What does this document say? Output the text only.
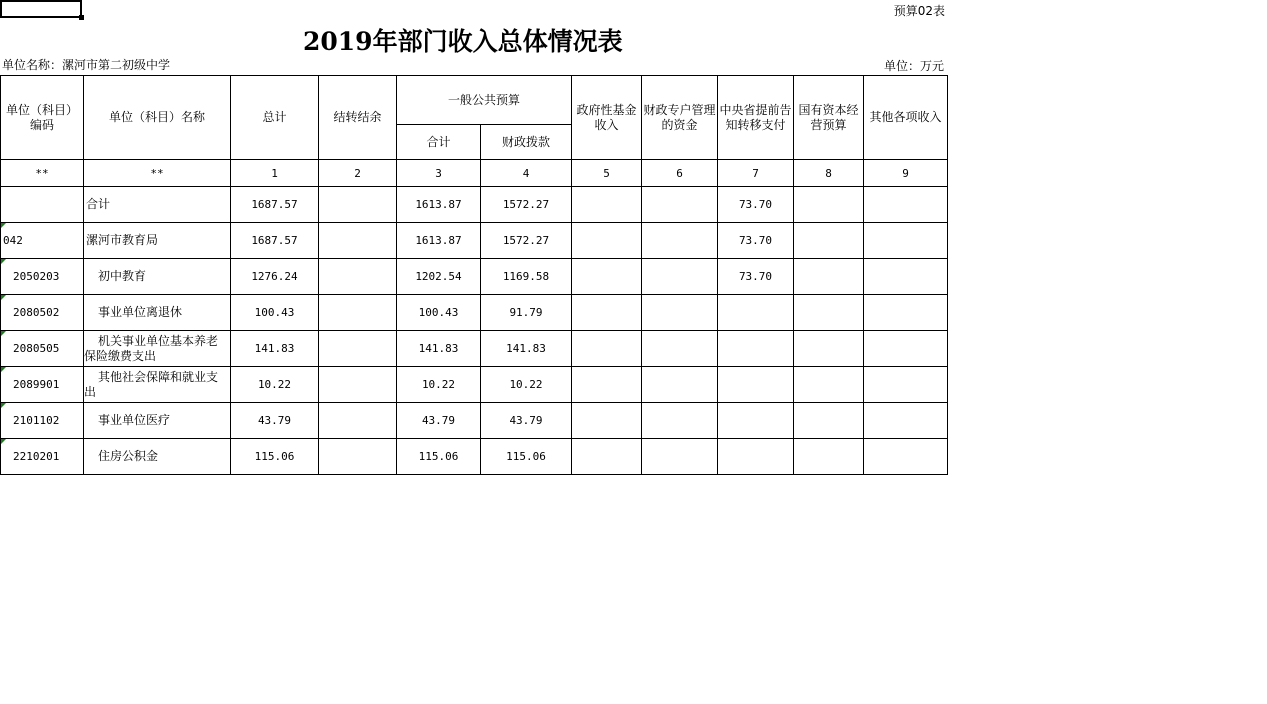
预算02表
2019年部门收入总体情况表
单位名称：漯河市第二初级中学	单位：万元
单位（科目）编码	单位（科目）名称	总计	结转结余	一般公共预算		政府性基金收入	财政专户管理的资金	中央省提前告知转移支付	国有资本经营预算	其他各项收入
				合计	财政拨款					
**	**	1	2	3	4	5	6	7	8	9
	合计	1687.57		1613.87	1572.27			73.70		
042	漯河市教育局	1687.57		1613.87	1572.27			73.70		
2050203	初中教育	1276.24		1202.54	1169.58			73.70		
2080502	事业单位离退休	100.43		100.43	91.79					
2080505	机关事业单位基本养老
保险缴费支出	141.83		141.83	141.83					
2089901	其他社会保障和就业支
出	10.22		10.22	10.22					
2101102	事业单位医疗	43.79		43.79	43.79					
2210201	住房公积金	115.06		115.06	115.06					
